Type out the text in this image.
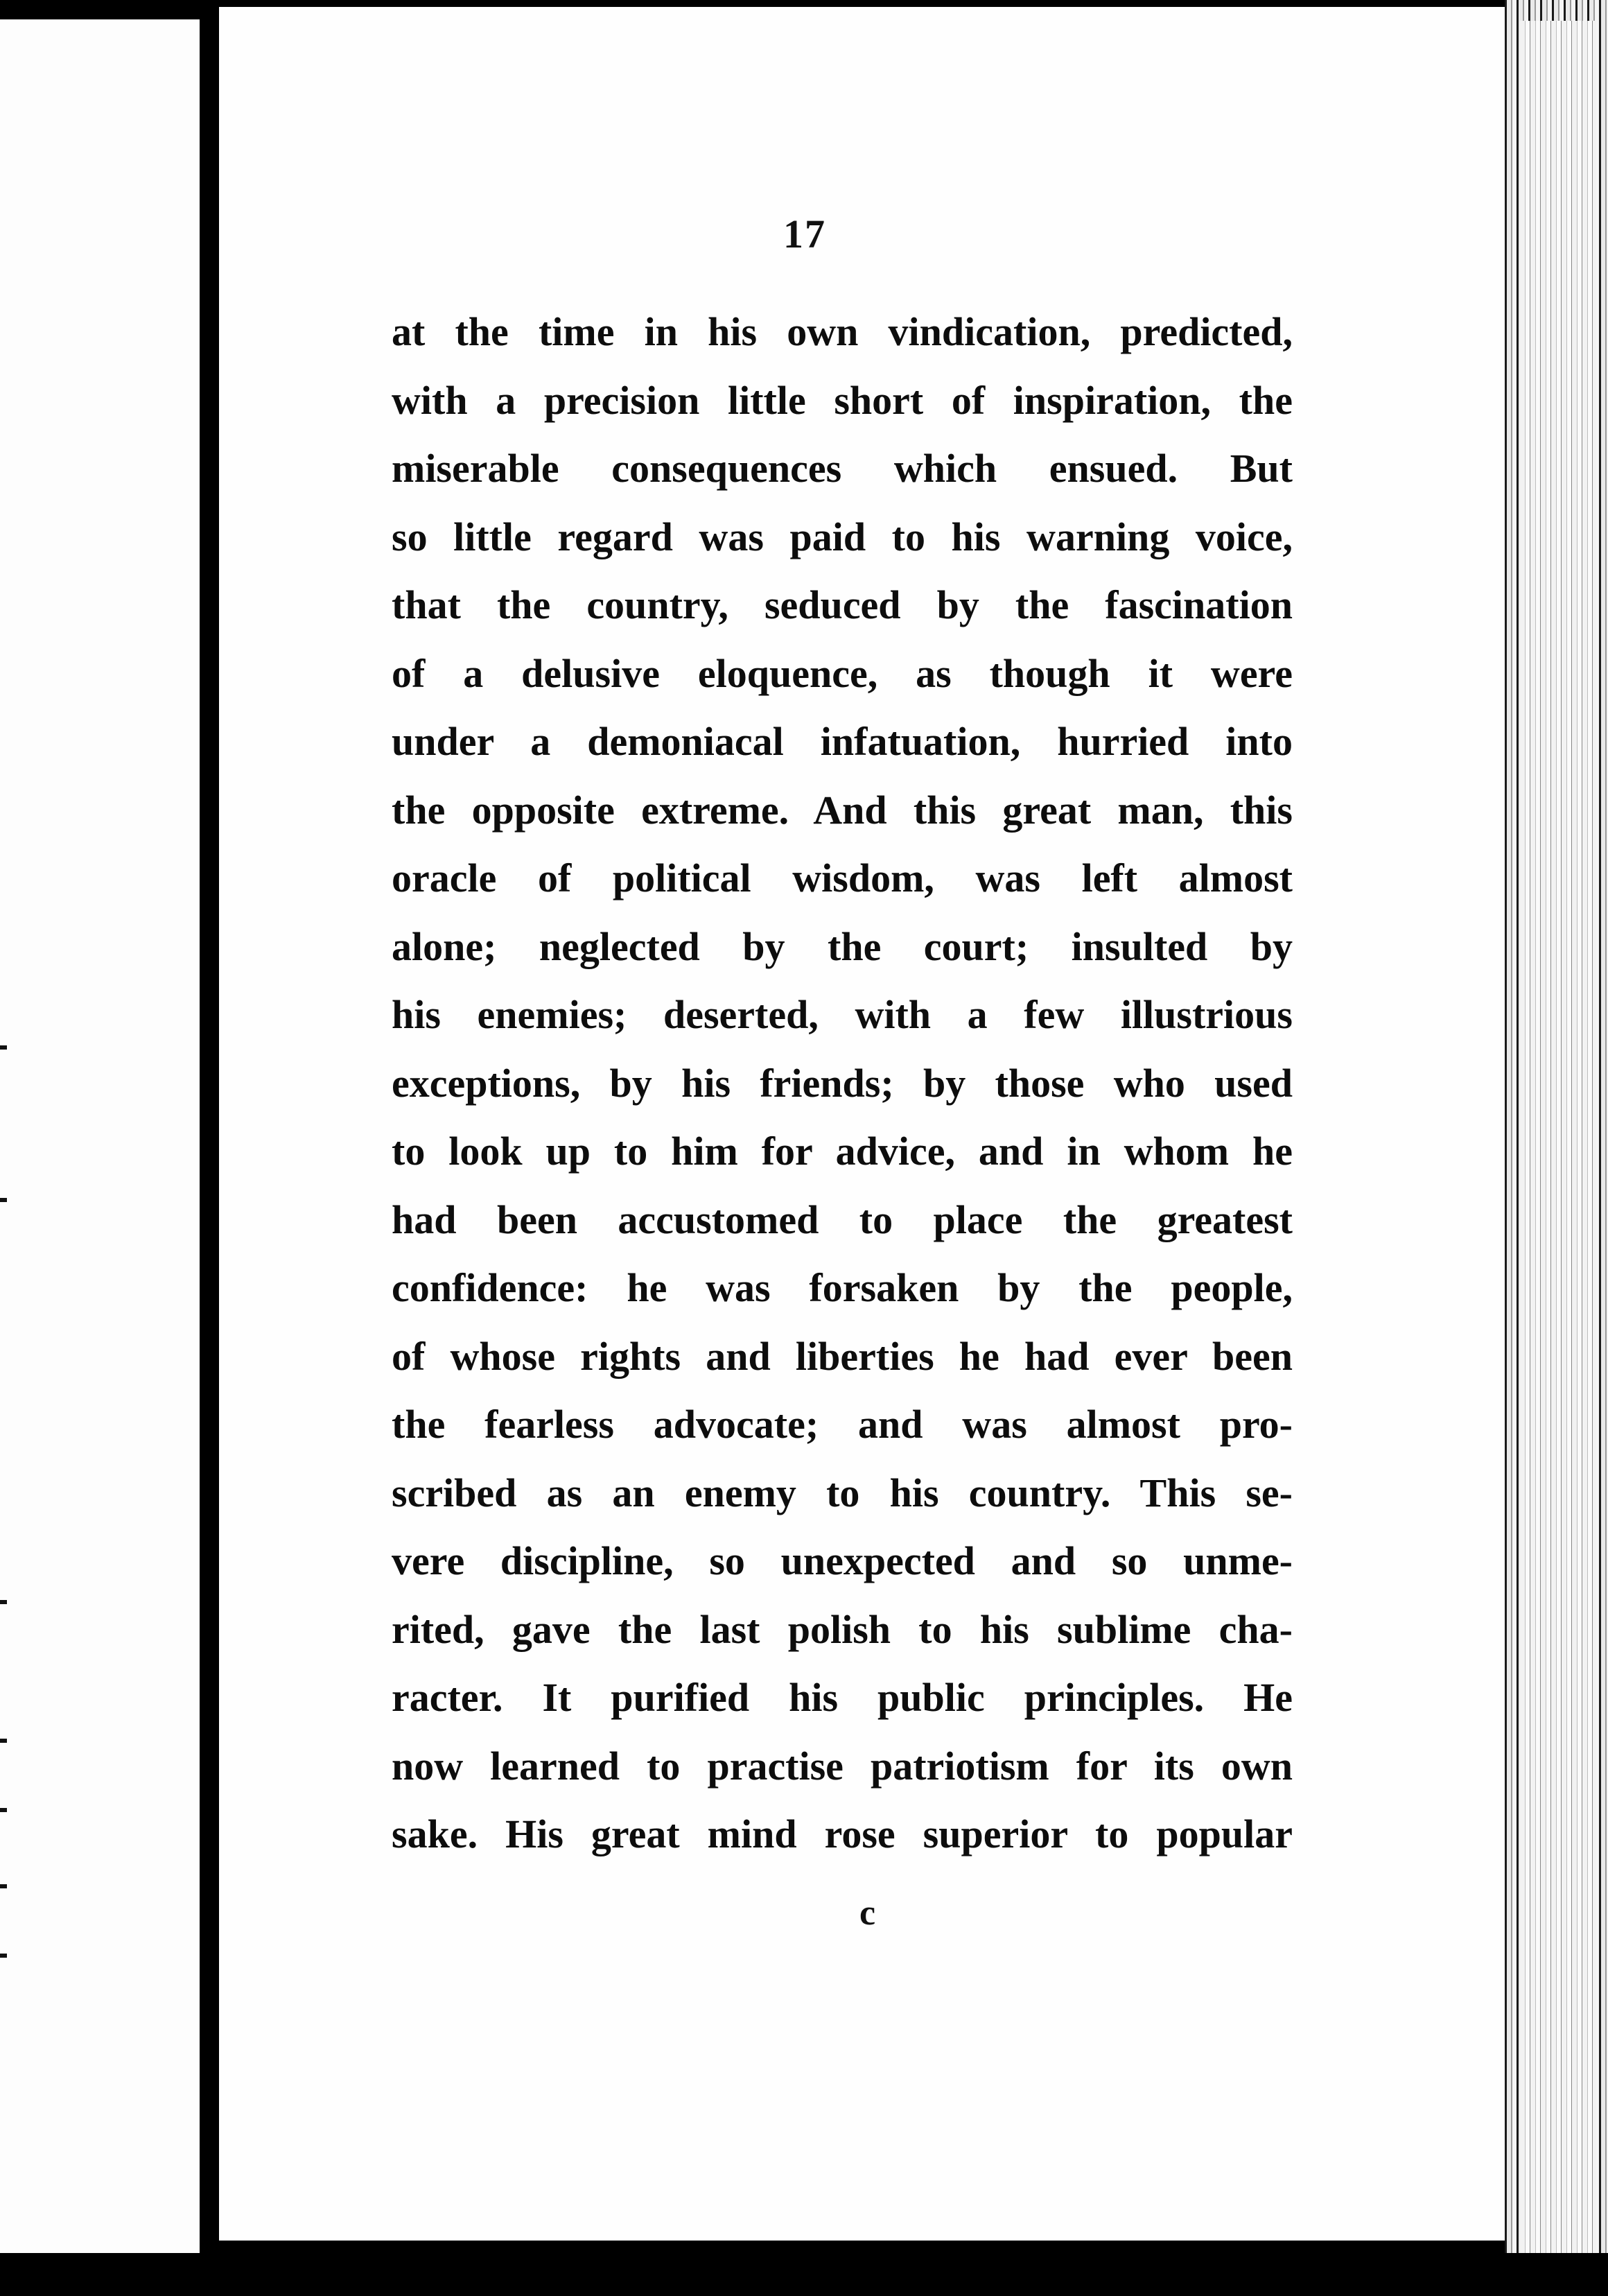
17
at the time in his own vindication, predicted,
with a precision little short of inspiration, the
miserable consequences which ensued. But
so little regard was paid to his warning voice,
that the country, seduced by the fascination
of a delusive eloquence, as though it were
under a demoniacal infatuation, hurried into
the opposite extreme. And this great man, this
oracle of political wisdom, was left almost
alone; neglected by the court; insulted by
his enemies; deserted, with a few illustrious
exceptions, by his friends; by those who used
to look up to him for advice, and in whom he
had been accustomed to place the greatest
confidence: he was forsaken by the people,
of whose rights and liberties he had ever been
the fearless advocate; and was almost pro-
scribed as an enemy to his country. This se-
vere discipline, so unexpected and so unme-
rited, gave the last polish to his sublime cha-
racter. It purified his public principles. He
now learned to practise patriotism for its own
sake. His great mind rose superior to popular
c
